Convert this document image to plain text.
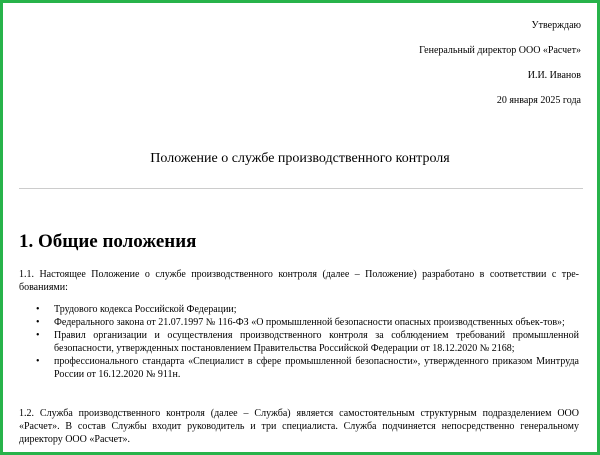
Утверждаю
Генеральный директор ООО «Расчет»
И.И. Иванов
20 января 2025 года
Положение о службе производственного контроля
1. Общие положения
1.1. Настоящее Положение о службе производственного контроля (далее – Положение) разработано в соответствии с тре-бованиями:
• Трудового кодекса Российской Федерации;
• Федерального закона от 21.07.1997 № 116-ФЗ «О промышленной безопасности опасных производственных объек-тов»;
• Правил организации и осуществления производственного контроля за соблюдением требований промышленной безопасности, утвержденных постановлением Правительства Российской Федерации от 18.12.2020 № 2168;
• профессионального стандарта «Специалист в сфере промышленной безопасности», утвержденного приказом Минтруда России от 16.12.2020 № 911н.
1.2. Служба производственного контроля (далее – Служба) является самостоятельным структурным подразделением ООО «Расчет». В состав Службы входит руководитель и три специалиста. Служба подчиняется непосредственно генеральному директору ООО «Расчет».
